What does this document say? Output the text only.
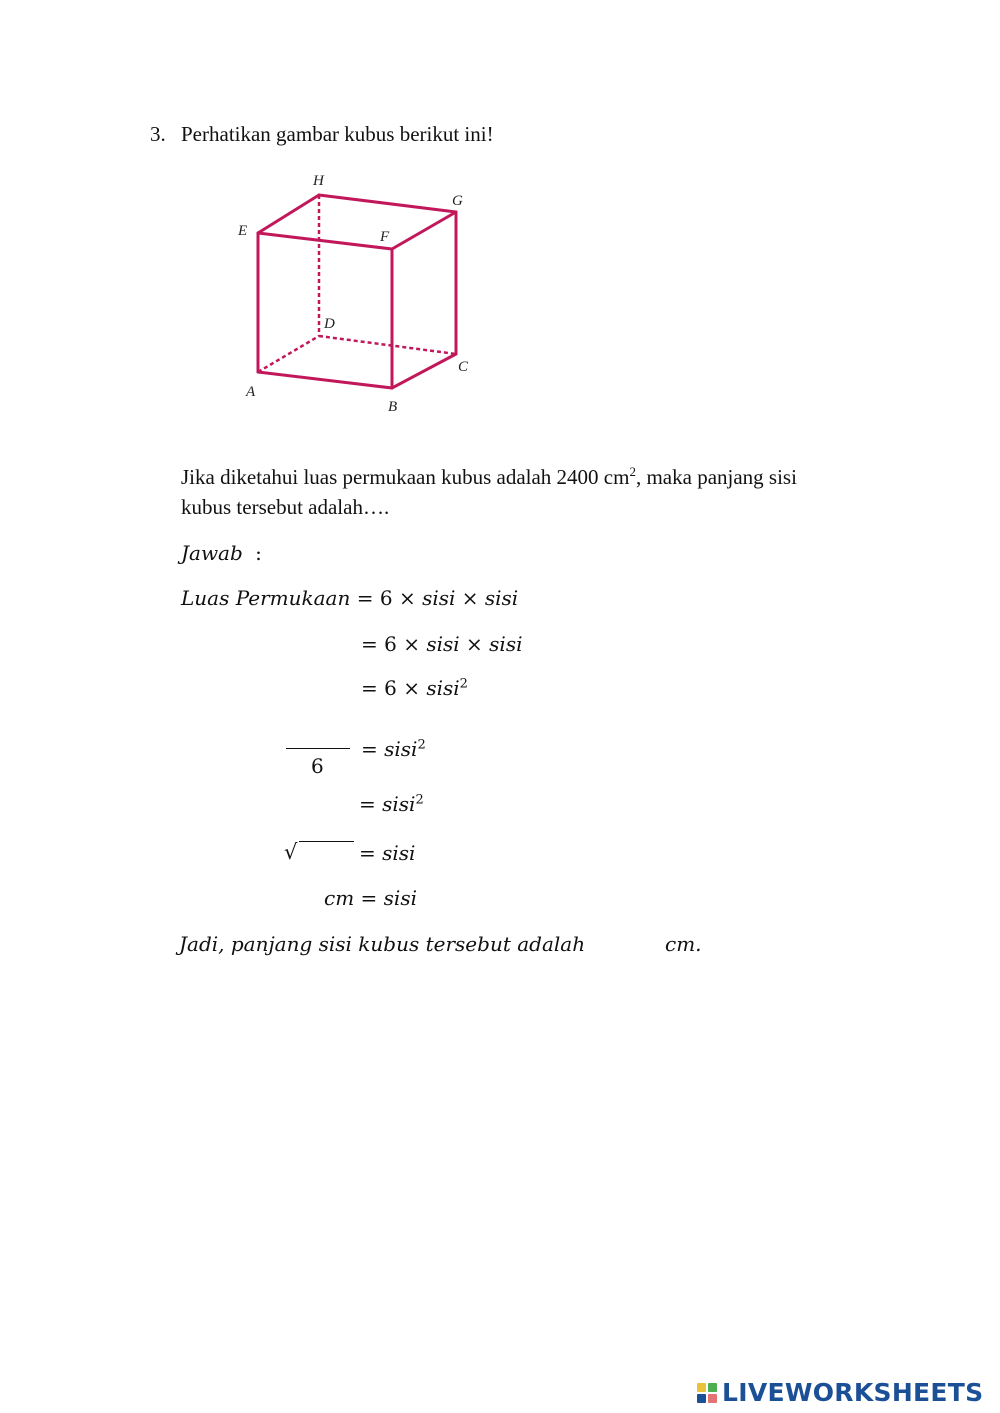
3. Perhatikan gambar kubus berikut ini!
H
G
E	F
D
C
A
B
Jika diketahui luas permukaan kubus adalah 2400 $cm^2$, maka panjang sisi
kubus tersebut adalah….
Jawab :
Luas Permukaan = 6 × sisi × sisi
= 6 × sisi × sisi
= 6 × sisi$^2$
6
= sisi$^2$
= sisi$^2$
√	= sisi
cm = sisi
Jadi, panjang sisi kubus tersebut adalah	cm.
LIVEWORKSHEETS
